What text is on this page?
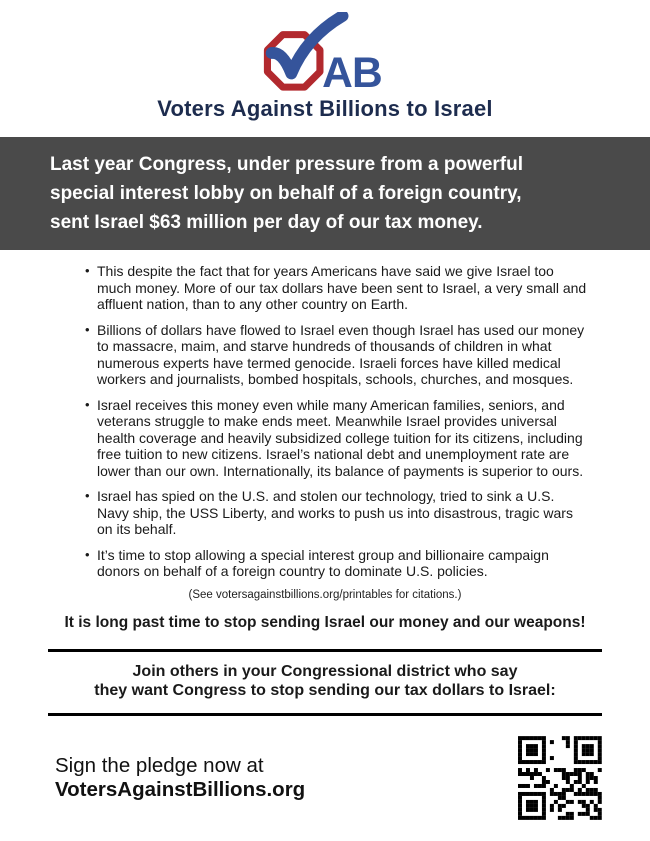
AB
Voters Against Billions to Israel
Last year Congress, under pressure from a powerful
special interest lobby on behalf of a foreign country,
sent Israel $63 million per day of our tax money.
• This despite the fact that for years Americans have said we give Israel too much money. More of our tax dollars have been sent to Israel, a very small and affluent nation, than to any other country on Earth.
• Billions of dollars have flowed to Israel even though Israel has used our money to massacre, maim, and starve hundreds of thousands of children in what numerous experts have termed genocide. Israeli forces have killed medical workers and journalists, bombed hospitals, schools, churches, and mosques.
• Israel receives this money even while many American families, seniors, and veterans struggle to make ends meet. Meanwhile Israel provides universal health coverage and heavily subsidized college tuition for its citizens, including free tuition to new citizens. Israel’s national debt and unemployment rate are lower than our own. Internationally, its balance of payments is superior to ours.
• Israel has spied on the U.S. and stolen our technology, tried to sink a U.S. Navy ship, the USS Liberty, and works to push us into disastrous, tragic wars on its behalf.
• It’s time to stop allowing a special interest group and billionaire campaign donors on behalf of a foreign country to dominate U.S. policies.
(See votersagainstbillions.org/printables for citations.)
It is long past time to stop sending Israel our money and our weapons!
Join others in your Congressional district who say
they want Congress to stop sending our tax dollars to Israel:
Sign the pledge now at VotersAgainstBillions.org
